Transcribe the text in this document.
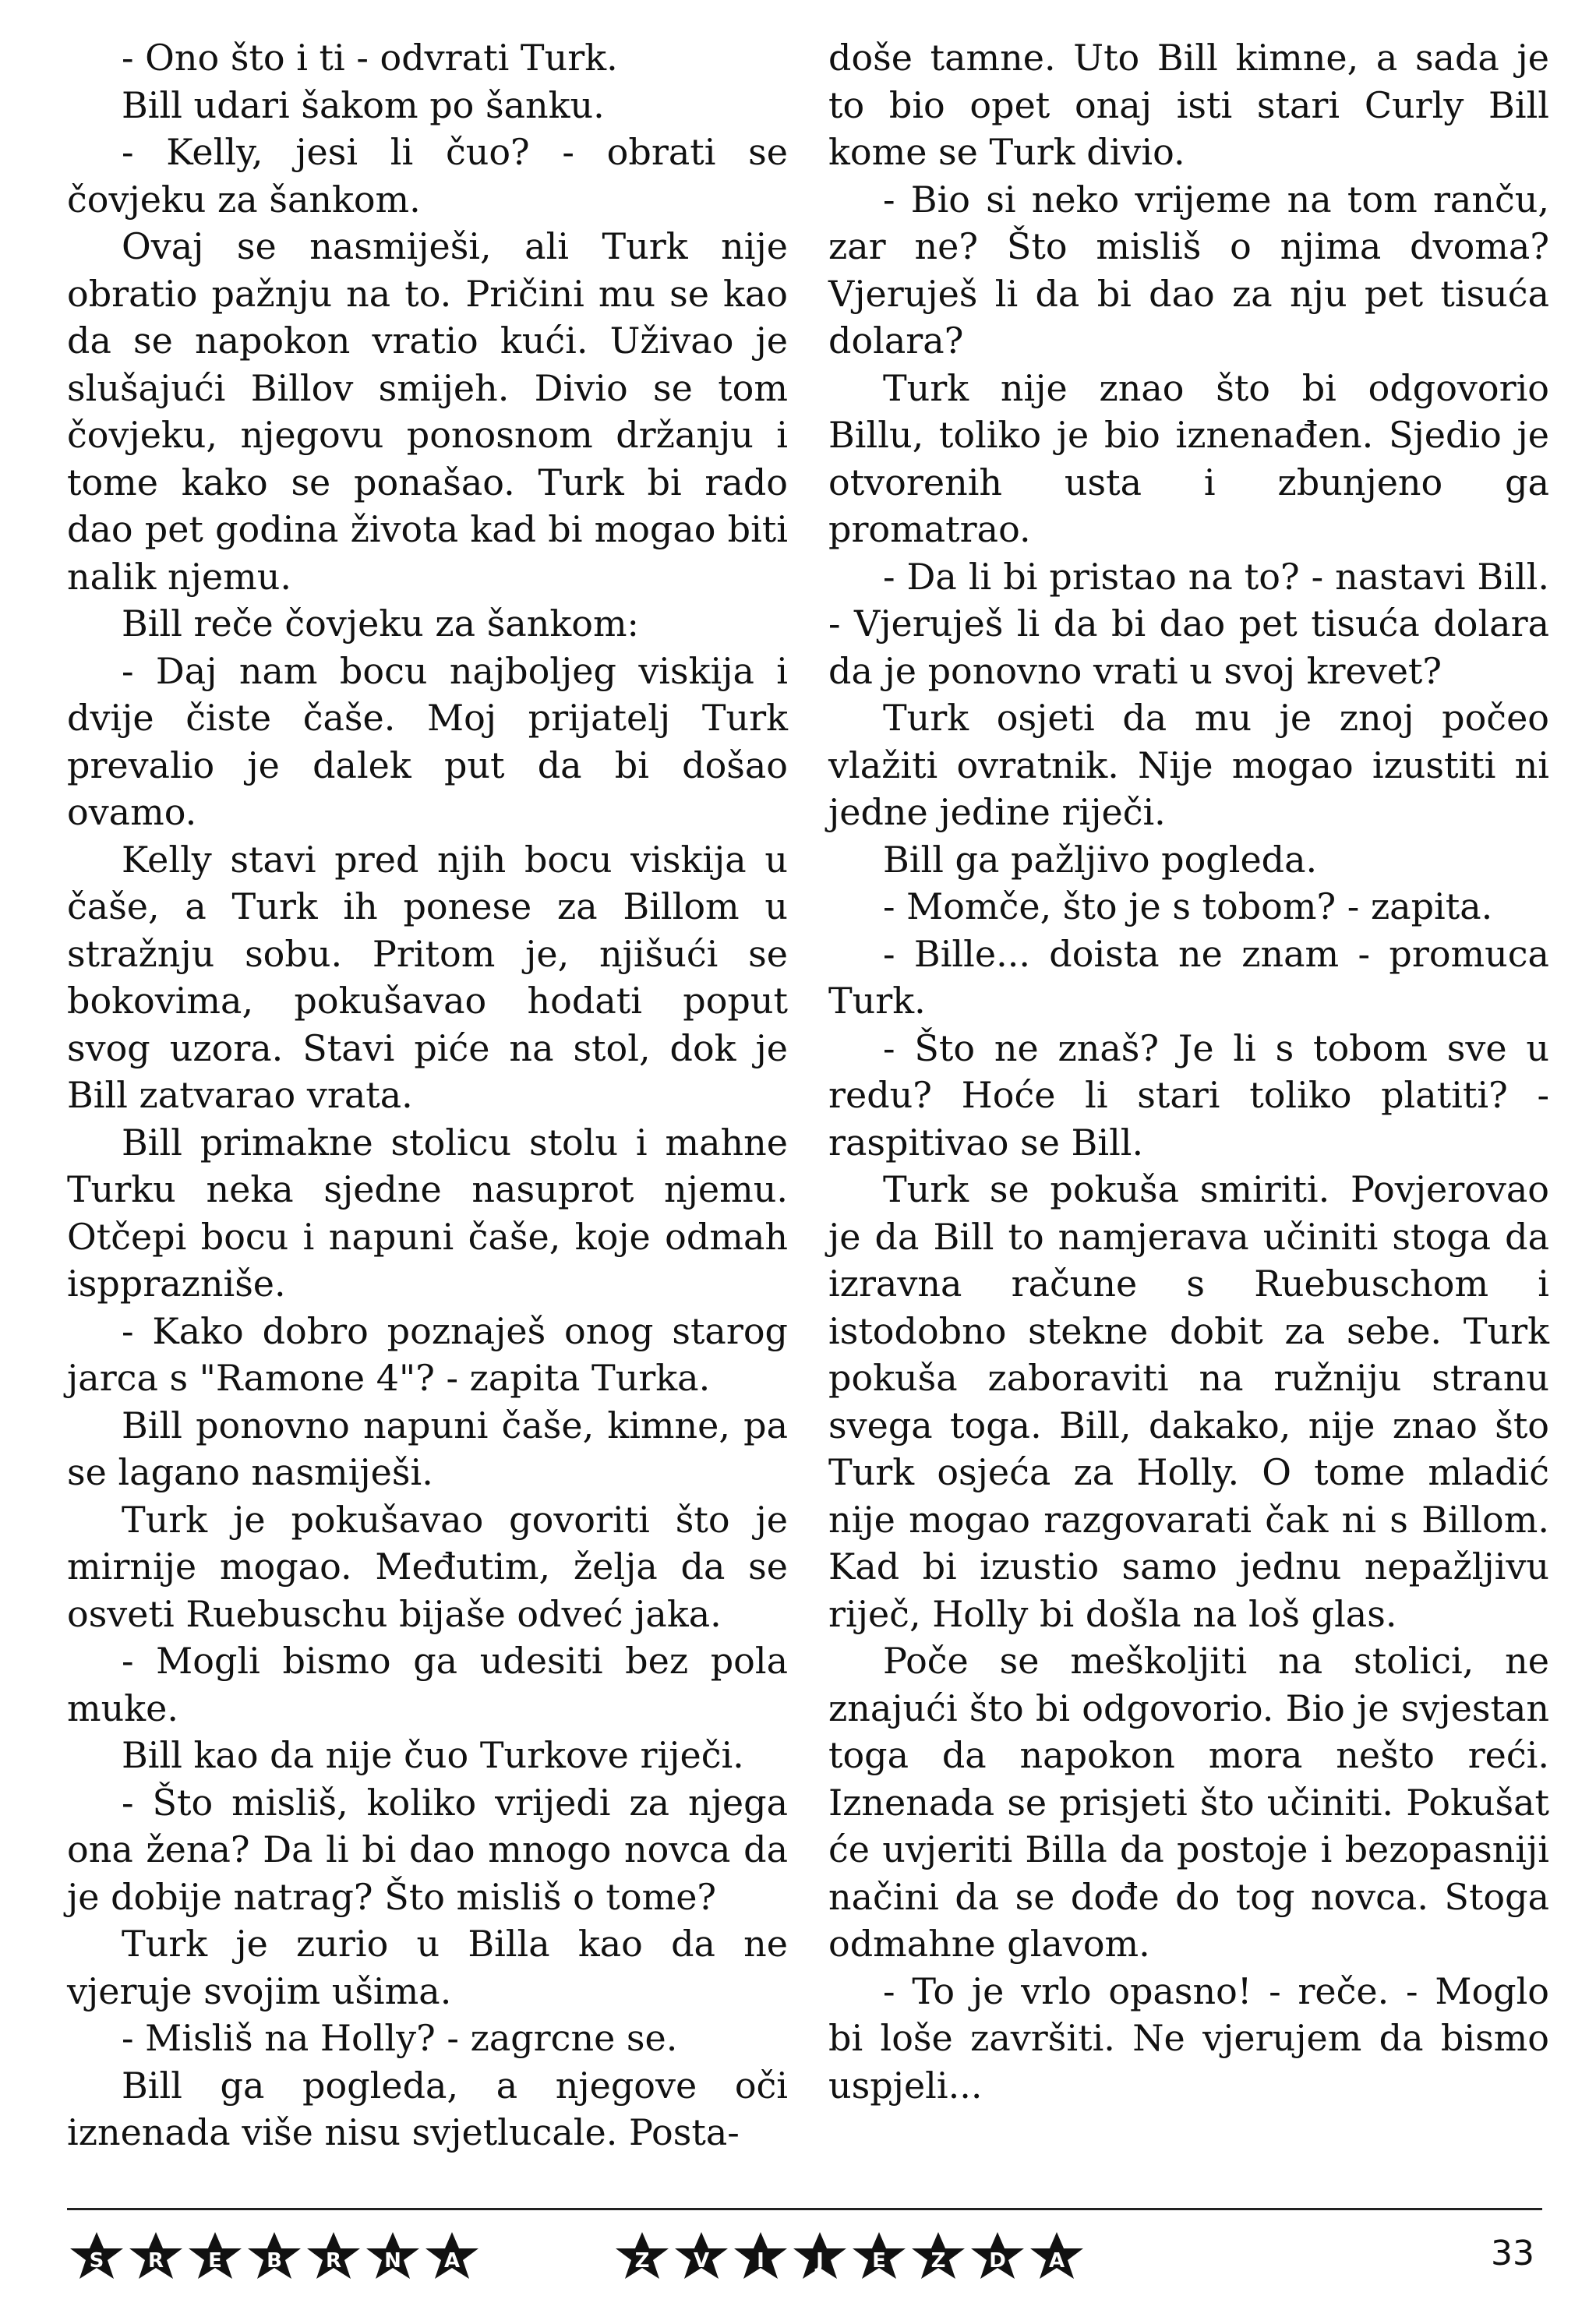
- Ono što i ti - odvrati Turk.

Bill udari šakom po šanku.

- Kelly, jesi li čuo? - obrati se čovjeku za šankom.

Ovaj se nasmiješi, ali Turk nije obratio pažnju na to. Pričini mu se kao da se napokon vratio kući. Uživao je slušajući Billov smijeh. Divio se tom čovjeku, njegovu ponosnom držanju i tome kako se ponašao. Turk bi rado dao pet godina života kad bi mogao biti nalik njemu.

Bill reče čovjeku za šankom:

- Daj nam bocu najboljeg viskija i dvije čiste čaše. Moj prijatelj Turk prevalio je dalek put da bi došao ovamo.

Kelly stavi pred njih bocu viskija u čaše, a Turk ih ponese za Billom u stražnju sobu. Pritom je, njišući se bokovima, pokušavao hodati poput svog uzora. Stavi piće na stol, dok je Bill zatvarao vrata.

Bill primakne stolicu stolu i mahne Turku neka sjedne nasuprot njemu. Otčepi bocu i napuni čaše, koje odmah ispprazniše.

- Kako dobro poznaješ onog starog jarca s "Ramone 4"? - zapita Turka.

Bill ponovno napuni čaše, kimne, pa se lagano nasmiješi.

Turk je pokušavao govoriti što je mirnije mogao. Međutim, želja da se osveti Ruebuschu bijaše odveć jaka.

- Mogli bismo ga udesiti bez pola muke.

Bill kao da nije čuo Turkove riječi.

- Što misliš, koliko vrijedi za njega ona žena? Da li bi dao mnogo novca da je dobije natrag? Što misliš o tome?

Turk je zurio u Billa kao da ne vjeruje svojim ušima.

- Misliš na Holly? - zagrcne se.

Bill ga pogleda, a njegove oči iznenada više nisu svjetlucale. Posta-

doše tamne. Uto Bill kimne, a sada je to bio opet onaj isti stari Curly Bill kome se Turk divio.

- Bio si neko vrijeme na tom ranču, zar ne? Što misliš o njima dvoma? Vjeruješ li da bi dao za nju pet tisuća dolara?

Turk nije znao što bi odgovorio Billu, toliko je bio iznenađen. Sjedio je otvorenih usta i zbunjeno ga promatrao.

- Da li bi pristao na to? - nastavi Bill. - Vjeruješ li da bi dao pet tisuća dolara da je ponovno vrati u svoj krevet?

Turk osjeti da mu je znoj počeo vlažiti ovratnik. Nije mogao izustiti ni jedne jedine riječi.

Bill ga pažljivo pogleda.

- Momče, što je s tobom? - zapita.

- Bille... doista ne znam - promuca Turk.

- Što ne znaš? Je li s tobom sve u redu? Hoće li stari toliko platiti? - raspitivao se Bill.

Turk se pokuša smiriti. Povjerovao je da Bill to namjerava učiniti stoga da izravna račune s Ruebuschom i istodobno stekne dobit za sebe. Turk pokuša zaboraviti na ružniju stranu svega toga. Bill, dakako, nije znao što Turk osjeća za Holly. O tome mladić nije mogao razgovarati čak ni s Billom. Kad bi izustio samo jednu nepažljivu riječ, Holly bi došla na loš glas.

Poče se meškoljiti na stolici, ne znajući što bi odgovorio. Bio je svjestan toga da napokon mora nešto reći. Iznenada se prisjeti što učiniti. Pokušat će uvjeriti Billa da postoje i bezopasniji načini da se dođe do tog novca. Stoga odmahne glavom.

- To je vrlo opasno! - reče. - Moglo bi loše završiti. Ne vjerujem da bismo uspjeli...

S	R	E	B	R	N	A	Z	V	I	J	E	Z	D	A	33
